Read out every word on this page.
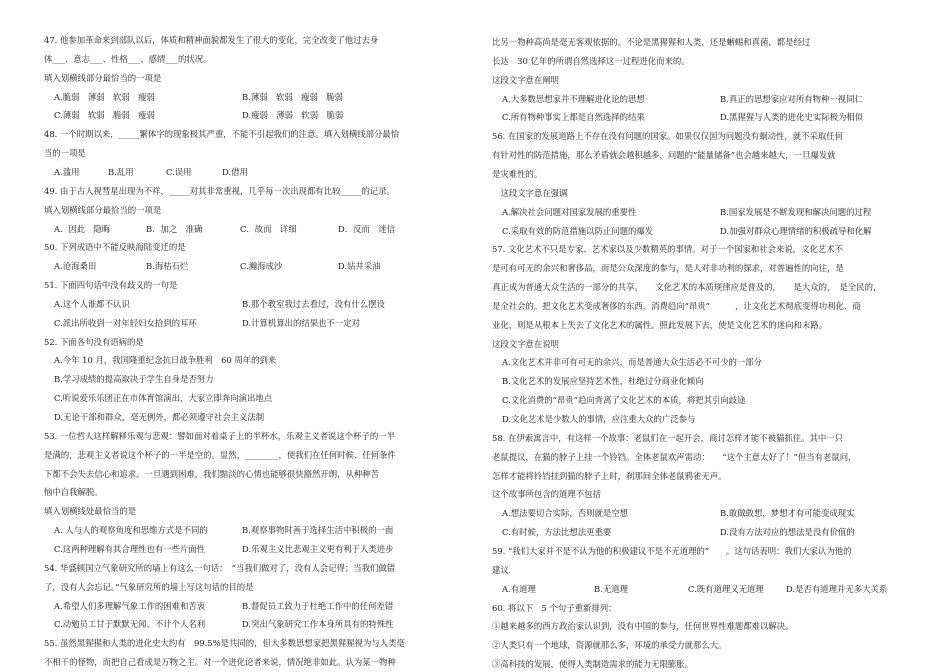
47. 他参加革命来到部队以后，体质和精神面貌都发生了很大的变化，完全改变了他过去身
体___、意志___、性格___、感情___的状况。
填入划横线部分最恰当的一项是
A.脆弱　薄弱　软弱　瘦弱	B.薄弱　软弱　瘦弱　脆弱
C.薄弱　软弱　脆弱　瘦弱	D.瘦弱　薄弱　软弱　脆弱
48. 一个时期以来，_____繁体字的现象极其严重，不能不引起我们的注意。填入划横线部分最恰
当的一项是
A.滥用	B.乱用	C.误用	D.借用
49. 由于古人视彗星出现为不祥，_____对其非常重视，几乎每一次出现都有比较_____的记录。
填入划横线部分最恰当的一项是
A．因此　隐晦	B．加之　准确	C．故而　详细	D．反而　迷信
50. 下列成语中不能反映海陆变迁的是
A.沧海桑田	B.海枯石烂	C.瀚海成沙	D.钻井采油
51. 下面四句话中没有歧义的一句是
A.这个人谁都不认识	B.那个教室我过去看过，没有什么摆设
C.派出所收到一对年轻妇女拾到的耳环	D.计算机算出的结果也不一定对
52. 下面各句没有语病的是
A.今年 10 月，我国隆重纪念抗日战争胜利　60 周年的到来
B.学习成绩的提高取决于学生自身是否努力
C.听说爱乐乐团正在市体育馆演出，大家立即奔向演出地点
D.无论干部和群众，毫无例外，都必须遵守社会主义法制
53. 一位哲人这样解释乐观与悲观：譬如面对着桌子上的半杯水，乐观主义者说这个杯子的一半
是满的，悲观主义者说这个杯子的一半是空的。显然，________，使我们在任何时候、任何条件
下都不会失去信心和追求。一旦遇到困难，我们黯淡的心情也能够很快豁然开朗，从种种苦
恼中自我解脱。
填入划横线处最恰当的是
A. 人与人的观察角度和思维方式是不同的	B.观察事物时善于选择生活中积极的一面
C.这两种理解有其合理性也有一些片面性	D.乐观主义比悲观主义更有利于人类进步
54. 华盛顿国立气象研究所的墙上有这么一句话：　“当我们做对了，没有人会记得；当我们做错
了，没有人会忘记。”气象研究所的墙上写这句话的目的是
A.希望人们多理解气象工作的困难和苦衷	B.督促员工致力于杜绝工作中的任何差错
C.动勉员工甘于默默无闻、不计个人名利	D.突出气象研究工作本身所具有的特殊性
55. 虽然黑猩猩和人类的进化史大约有　99.5%是共同的，但大多数思想家把黑猩猩视为与人类毫
不相干的怪物，而把自己看成是万物之主。对一个进化论者来说，情况绝非如此。认为某一物种
比另一物种高尚是毫无客观依据的。不论是黑猩猩和人类，还是蜥蜴和真菌，都是经过
长达　30 亿年的所谓自然选择这一过程进化而来的。
这段文字意在阐明
A.大多数思想家并不理解进化论的思想	B.真正的思想家应对所有物种一视同仁
C.所有物种事实上都是自然选择的结果	D.黑猩猩与人类的进化史实际极为相似
56. 在国家的发展道路上不存在没有问题的国家。如果仅仅因为问题没有蜗动性，就不采取任何
有针对性的防范措施，那么矛盾就会越积越多，问题的“能量储备”也会越来越大，一旦爆发就
是灾难性的。
　这段文字意在强调
A.解决社会问题对国家发展的重要性	B.国家发展是不断发现和解决问题的过程
C.采取有效的防范措施以防止问题的爆发	D.加强对群众心理情绪的积极疏导和化解
57. 文化艺术不只是专家、艺术家以及少数精英的事情。对于一个国家和社会来说，文化艺术不
是可有可无的余兴和奢侈品，而是公众深度的参与，是人对非功利的探求，对普遍性的向往，是
真正成为普通大众生活的一部分的共享。　　文化艺术的本质规律应是普及的，　　是大众的，　是全民的，
是全社会的。把文化艺术变成奢侈的东西，消费趋向“昂贵”　　　，让文化艺术彻底变得功利化、商
业化，则是从根本上失去了文化艺术的属性。照此发展下去，使是文化艺术的迷向和末路。
这段文字意在说明
A.文化艺术并非可有可无的余兴，而是普通大众生活必不可少的一部分
B.文化艺术的发展应坚持艺术性，杜绝过分商业化倾向
C.文化消费的“昂贵”趋向背离了文化艺术的本质，将把其引向歧途
D.文化艺术是少数人的事情，应注重大众的广泛参与
58. 在伊索寓言中，有这样一个故事：老鼠们在一起开会，商讨怎样才能不被猫抓住。其中一只
老鼠提议，在猫的脖子上挂一个铃铛。全体老鼠欢声雷动：　　“这个主意太好了！”但当有老鼠问，
怎样才能将铃铛挂到猫的脖子上时，刹那间全体老鼠鸦雀无声。
这个故事所包含的道理不包括
A.想法要切合实际，否则就是空想	B.敢做敢想，梦想才有可能变成现实
C.有时候，方法比想法更重要	D.没有方法对应的想法是没有价值的
59. “我们大家并不是不认为他的积极建议不是不无道理的”　　。这句话表明：我们大家认为他的
建议
A.有道理	B.无道理	C.既有道理又无道理	D.是否有道理并无多大关系
60. 将以下　5 个句子重新排列：
①越来越多的西方政治家认识到，没有中国的参与，任何世界性难题都难以解决。
②人类只有一个地球，资源就那么多，环境的承受力就那么大。
③高科技的发展，使得人类制造需求的能力无限膨胀。
